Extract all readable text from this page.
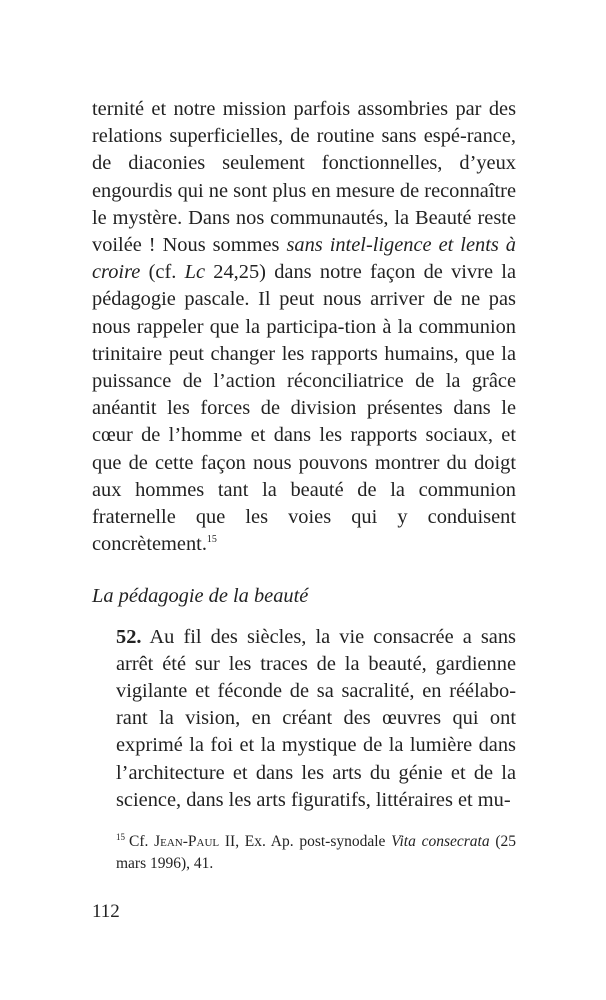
ternité et notre mission parfois assombries par des relations superficielles, de routine sans espé-rance, de diaconies seulement fonctionnelles, d’yeux engourdis qui ne sont plus en mesure de reconnaître le mystère. Dans nos communautés, la Beauté reste voilée ! Nous sommes sans intel-ligence et lents à croire (cf. Lc 24,25) dans notre façon de vivre la pédagogie pascale. Il peut nous arriver de ne pas nous rappeler que la participa-tion à la communion trinitaire peut changer les rapports humains, que la puissance de l’action réconciliatrice de la grâce anéantit les forces de division présentes dans le cœur de l’homme et dans les rapports sociaux, et que de cette façon nous pouvons montrer du doigt aux hommes tant la beauté de la communion fraternelle que les voies qui y conduisent concrètement.$^{15}$

La pédagogie de la beauté

52. Au fil des siècles, la vie consacrée a sans arrêt été sur les traces de la beauté, gardienne vigilante et féconde de sa sacralité, en réélabo-rant la vision, en créant des œuvres qui ont exprimé la foi et la mystique de la lumière dans l’architecture et dans les arts du génie et de la science, dans les arts figuratifs, littéraires et mu-

$^{15}$ Cf. Jean-Paul II, Ex. Ap. post-synodale Vita consecrata (25 mars 1996), 41.

112
